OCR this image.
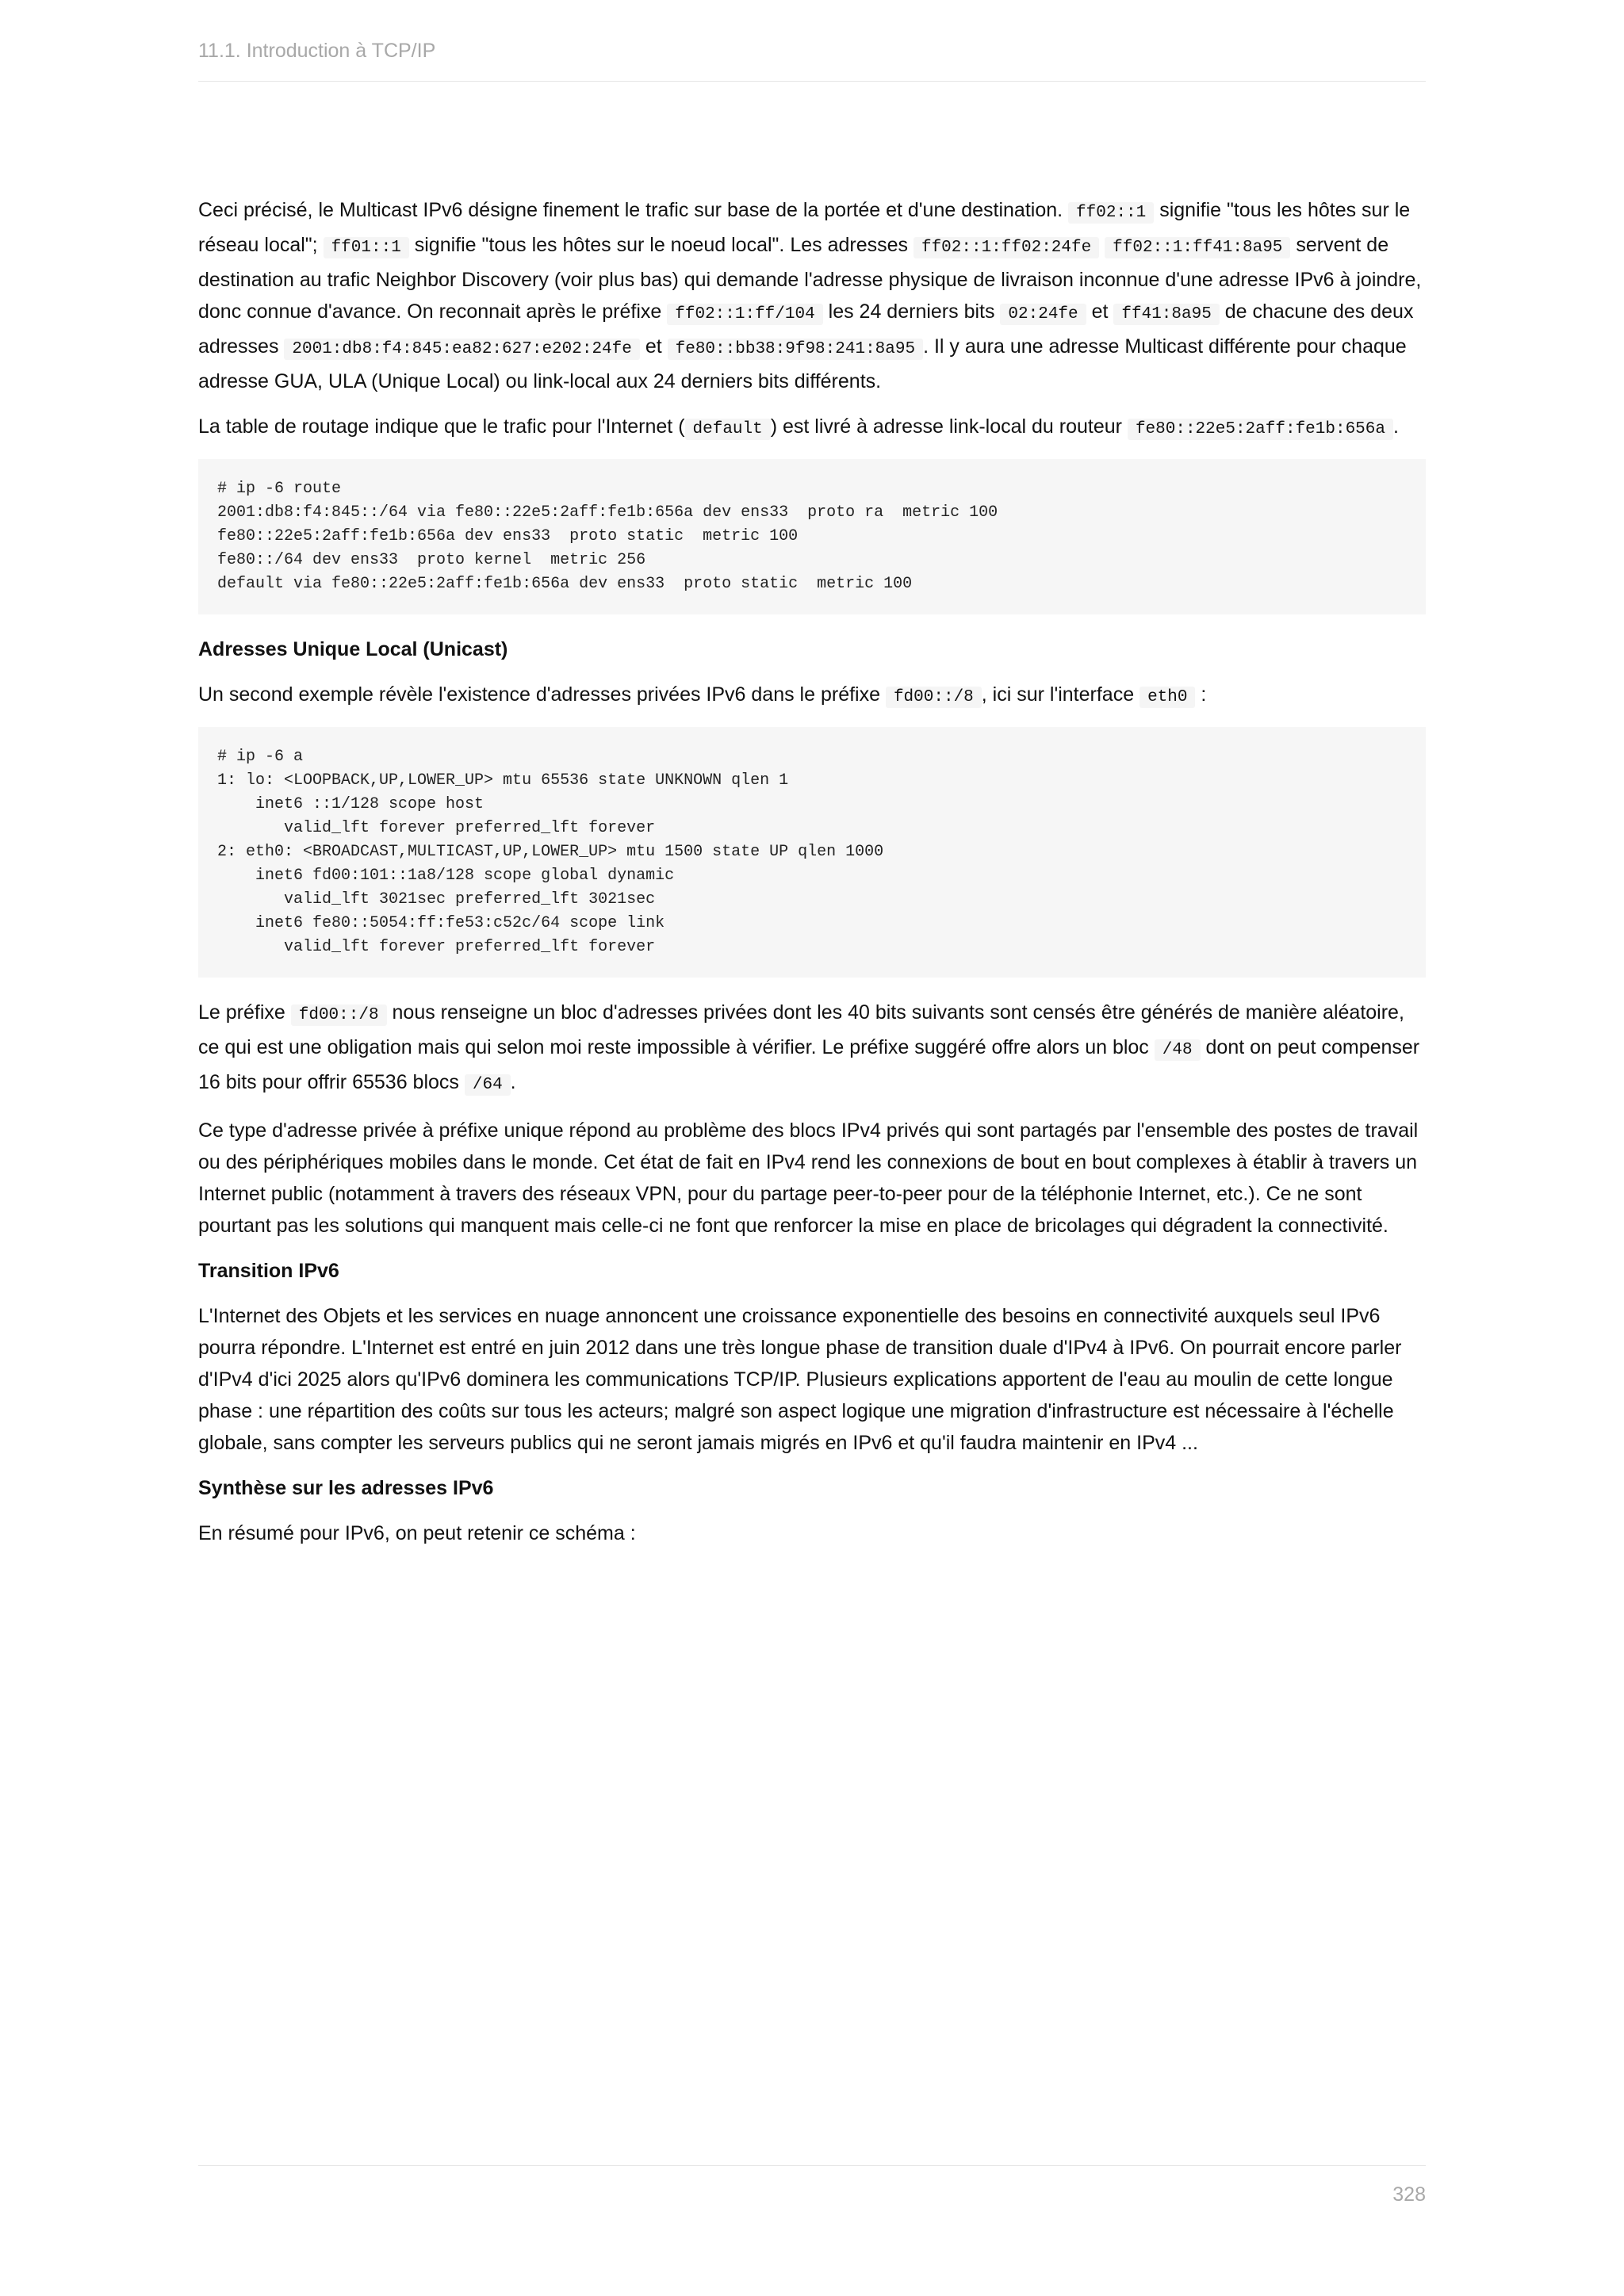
11.1. Introduction à TCP/IP

Ceci précisé, le Multicast IPv6 désigne finement le trafic sur base de la portée et d'une destination. ff02::1 signifie "tous les hôtes sur le réseau local"; ff01::1 signifie "tous les hôtes sur le noeud local". Les adresses ff02::1:ff02:24fe ff02::1:ff41:8a95 servent de destination au trafic Neighbor Discovery (voir plus bas) qui demande l'adresse physique de livraison inconnue d'une adresse IPv6 à joindre, donc connue d'avance. On reconnait après le préfixe ff02::1:ff/104 les 24 derniers bits 02:24fe et ff41:8a95 de chacune des deux adresses 2001:db8:f4:845:ea82:627:e202:24fe et fe80::bb38:9f98:241:8a95 . Il y aura une adresse Multicast différente pour chaque adresse GUA, ULA (Unique Local) ou link-local aux 24 derniers bits différents.

La table de routage indique que le trafic pour l'Internet ( default ) est livré à adresse link-local du routeur fe80::22e5:2aff:fe1b:656a .

# ip -6 route
2001:db8:f4:845::/64 via fe80::22e5:2aff:fe1b:656a dev ens33  proto ra  metric 100
fe80::22e5:2aff:fe1b:656a dev ens33  proto static  metric 100
fe80::/64 dev ens33  proto kernel  metric 256
default via fe80::22e5:2aff:fe1b:656a dev ens33  proto static  metric 100
Adresses Unique Local (Unicast)

Un second exemple révèle l'existence d'adresses privées IPv6 dans le préfixe fd00::/8 , ici sur l'interface eth0 :

# ip -6 a
1: lo: <LOOPBACK,UP,LOWER_UP> mtu 65536 state UNKNOWN qlen 1
inet6 ::1/128 scope host
valid_lft forever preferred_lft forever
2: eth0: <BROADCAST,MULTICAST,UP,LOWER_UP> mtu 1500 state UP qlen 1000
inet6 fd00:101::1a8/128 scope global dynamic
valid_lft 3021sec preferred_lft 3021sec
inet6 fe80::5054:ff:fe53:c52c/64 scope link
valid_lft forever preferred_lft forever

Le préfixe fd00::/8 nous renseigne un bloc d'adresses privées dont les 40 bits suivants sont censés être générés de manière aléatoire, ce qui est une obligation mais qui selon moi reste impossible à vérifier. Le préfixe suggéré offre alors un bloc /48 dont on peut compenser 16 bits pour offrir 65536 blocs /64 .

Ce type d'adresse privée à préfixe unique répond au problème des blocs IPv4 privés qui sont partagés par l'ensemble des postes de travail ou des périphériques mobiles dans le monde. Cet état de fait en IPv4 rend les connexions de bout en bout complexes à établir à travers un Internet public (notamment à travers des réseaux VPN, pour du partage peer-to-peer pour de la téléphonie Internet, etc.). Ce ne sont pourtant pas les solutions qui manquent mais celle-ci ne font que renforcer la mise en place de bricolages qui dégradent la connectivité.

Transition IPv6

L'Internet des Objets et les services en nuage annoncent une croissance exponentielle des besoins en connectivité auxquels seul IPv6 pourra répondre. L'Internet est entré en juin 2012 dans une très longue phase de transition duale d'IPv4 à IPv6. On pourrait encore parler d'IPv4 d'ici 2025 alors qu'IPv6 dominera les communications TCP/IP. Plusieurs explications apportent de l'eau au moulin de cette longue phase : une répartition des coûts sur tous les acteurs; malgré son aspect logique une migration d'infrastructure est nécessaire à l'échelle globale, sans compter les serveurs publics qui ne seront jamais migrés en IPv6 et qu'il faudra maintenir en IPv4 ...

Synthèse sur les adresses IPv6

En résumé pour IPv6, on peut retenir ce schéma :

328
